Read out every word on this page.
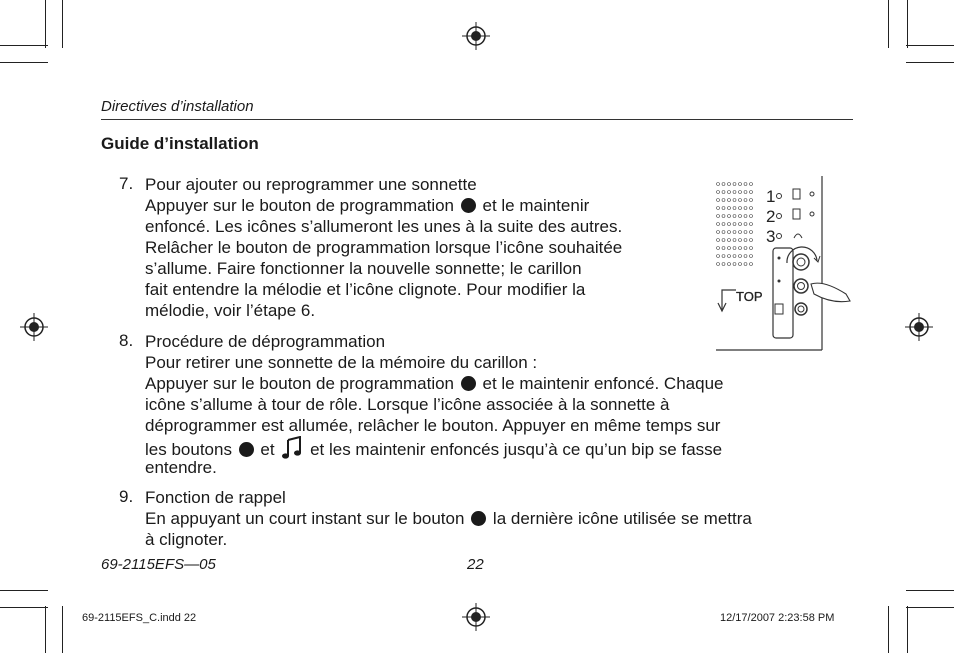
Directives d’installation
Guide d’installation
7. Pour ajouter ou reprogrammer une sonnette
Appuyer sur le bouton de programmation et le maintenir
enfoncé. Les icônes s’allumeront les unes à la suite des autres.
Relâcher le bouton de programmation lorsque l’icône souhaitée
s’allume. Faire fonctionner la nouvelle sonnette; le carillon
fait entendre la mélodie et l’icône clignote. Pour modifier la
mélodie, voir l’étape 6.
8. Procédure de déprogrammation
Pour retirer une sonnette de la mémoire du carillon :
Appuyer sur le bouton de programmation et le maintenir enfoncé. Chaque
icône s’allume à tour de rôle. Lorsque l’icône associée à la sonnette à
déprogrammer est allumée, relâcher le bouton. Appuyer en même temps sur
les boutons et et les maintenir enfoncés jusqu’à ce qu’un bip se fasse
entendre.
9. Fonction de rappel
En appuyant un court instant sur le bouton la dernière icône utilisée se mettra
à clignoter.
1
2
3
TOP
69-2115EFS—05	22
69-2115EFS_C.indd 22	12/17/2007 2:23:58 PM
